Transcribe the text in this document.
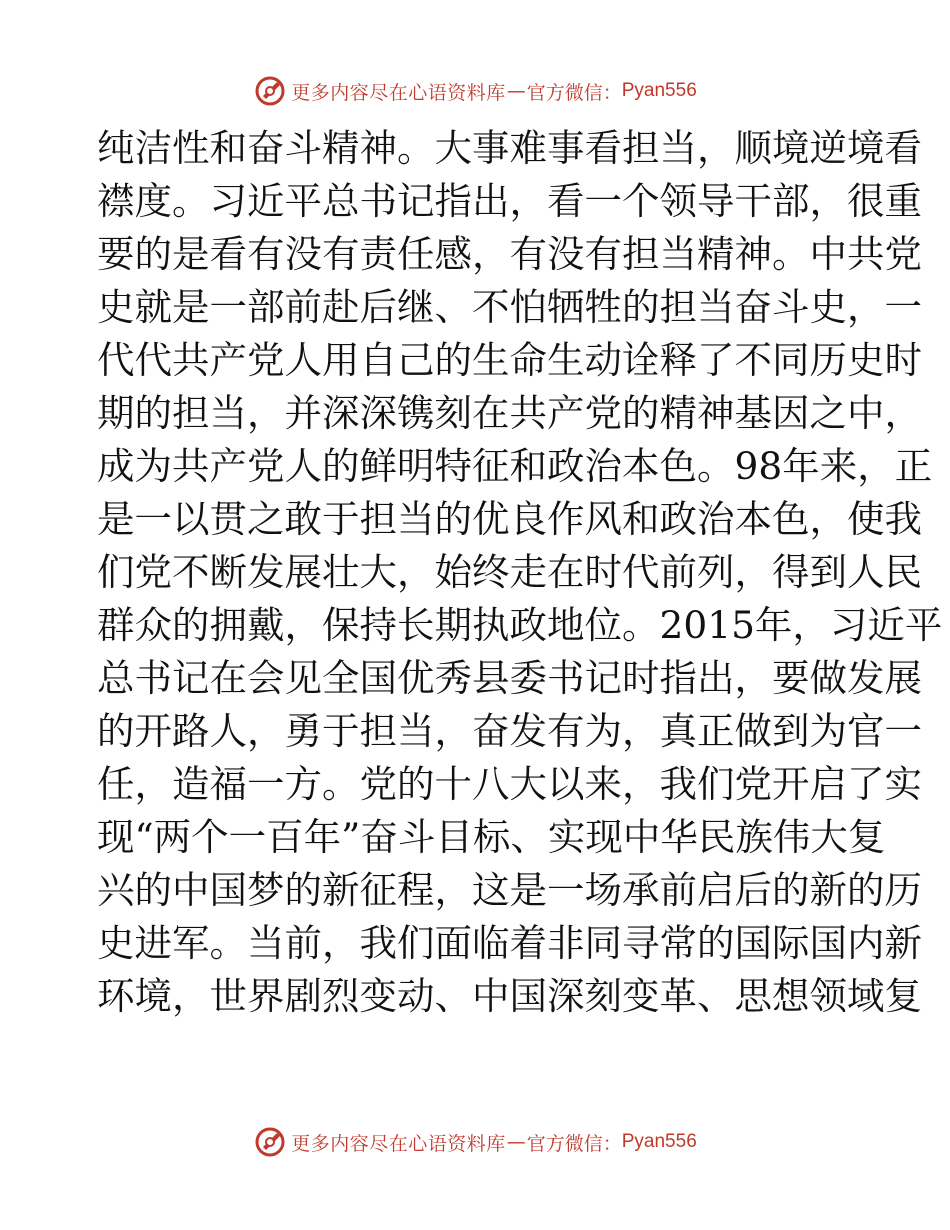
更多内容尽在心语资料库 — 官方微信： Pyan556
纯洁性和奋斗精神。大事难事看担当，顺境逆境看
襟度。习近平总书记指出，看一个领导干部，很重
要的是看有没有责任感，有没有担当精神。中共党
史就是一部前赴后继、不怕牺牲的担当奋斗史，一
代代共产党人用自己的生命生动诠释了不同历史时
期的担当，并深深镌刻在共产党的精神基因之中，
成为共产党人的鲜明特征和政治本色。98年来，正
是一以贯之敢于担当的优良作风和政治本色，使我
们党不断发展壮大，始终走在时代前列，得到人民
群众的拥戴，保持长期执政地位。2015年，习近平
总书记在会见全国优秀县委书记时指出，要做发展
的开路人，勇于担当，奋发有为，真正做到为官一
任，造福一方。党的十八大以来，我们党开启了实
现“两个一百年”奋斗目标、实现中华民族伟大复
兴的中国梦的新征程，这是一场承前启后的新的历
史进军。当前，我们面临着非同寻常的国际国内新
环境，世界剧烈变动、中国深刻变革、思想领域复
更多内容尽在心语资料库 — 官方微信： Pyan556
